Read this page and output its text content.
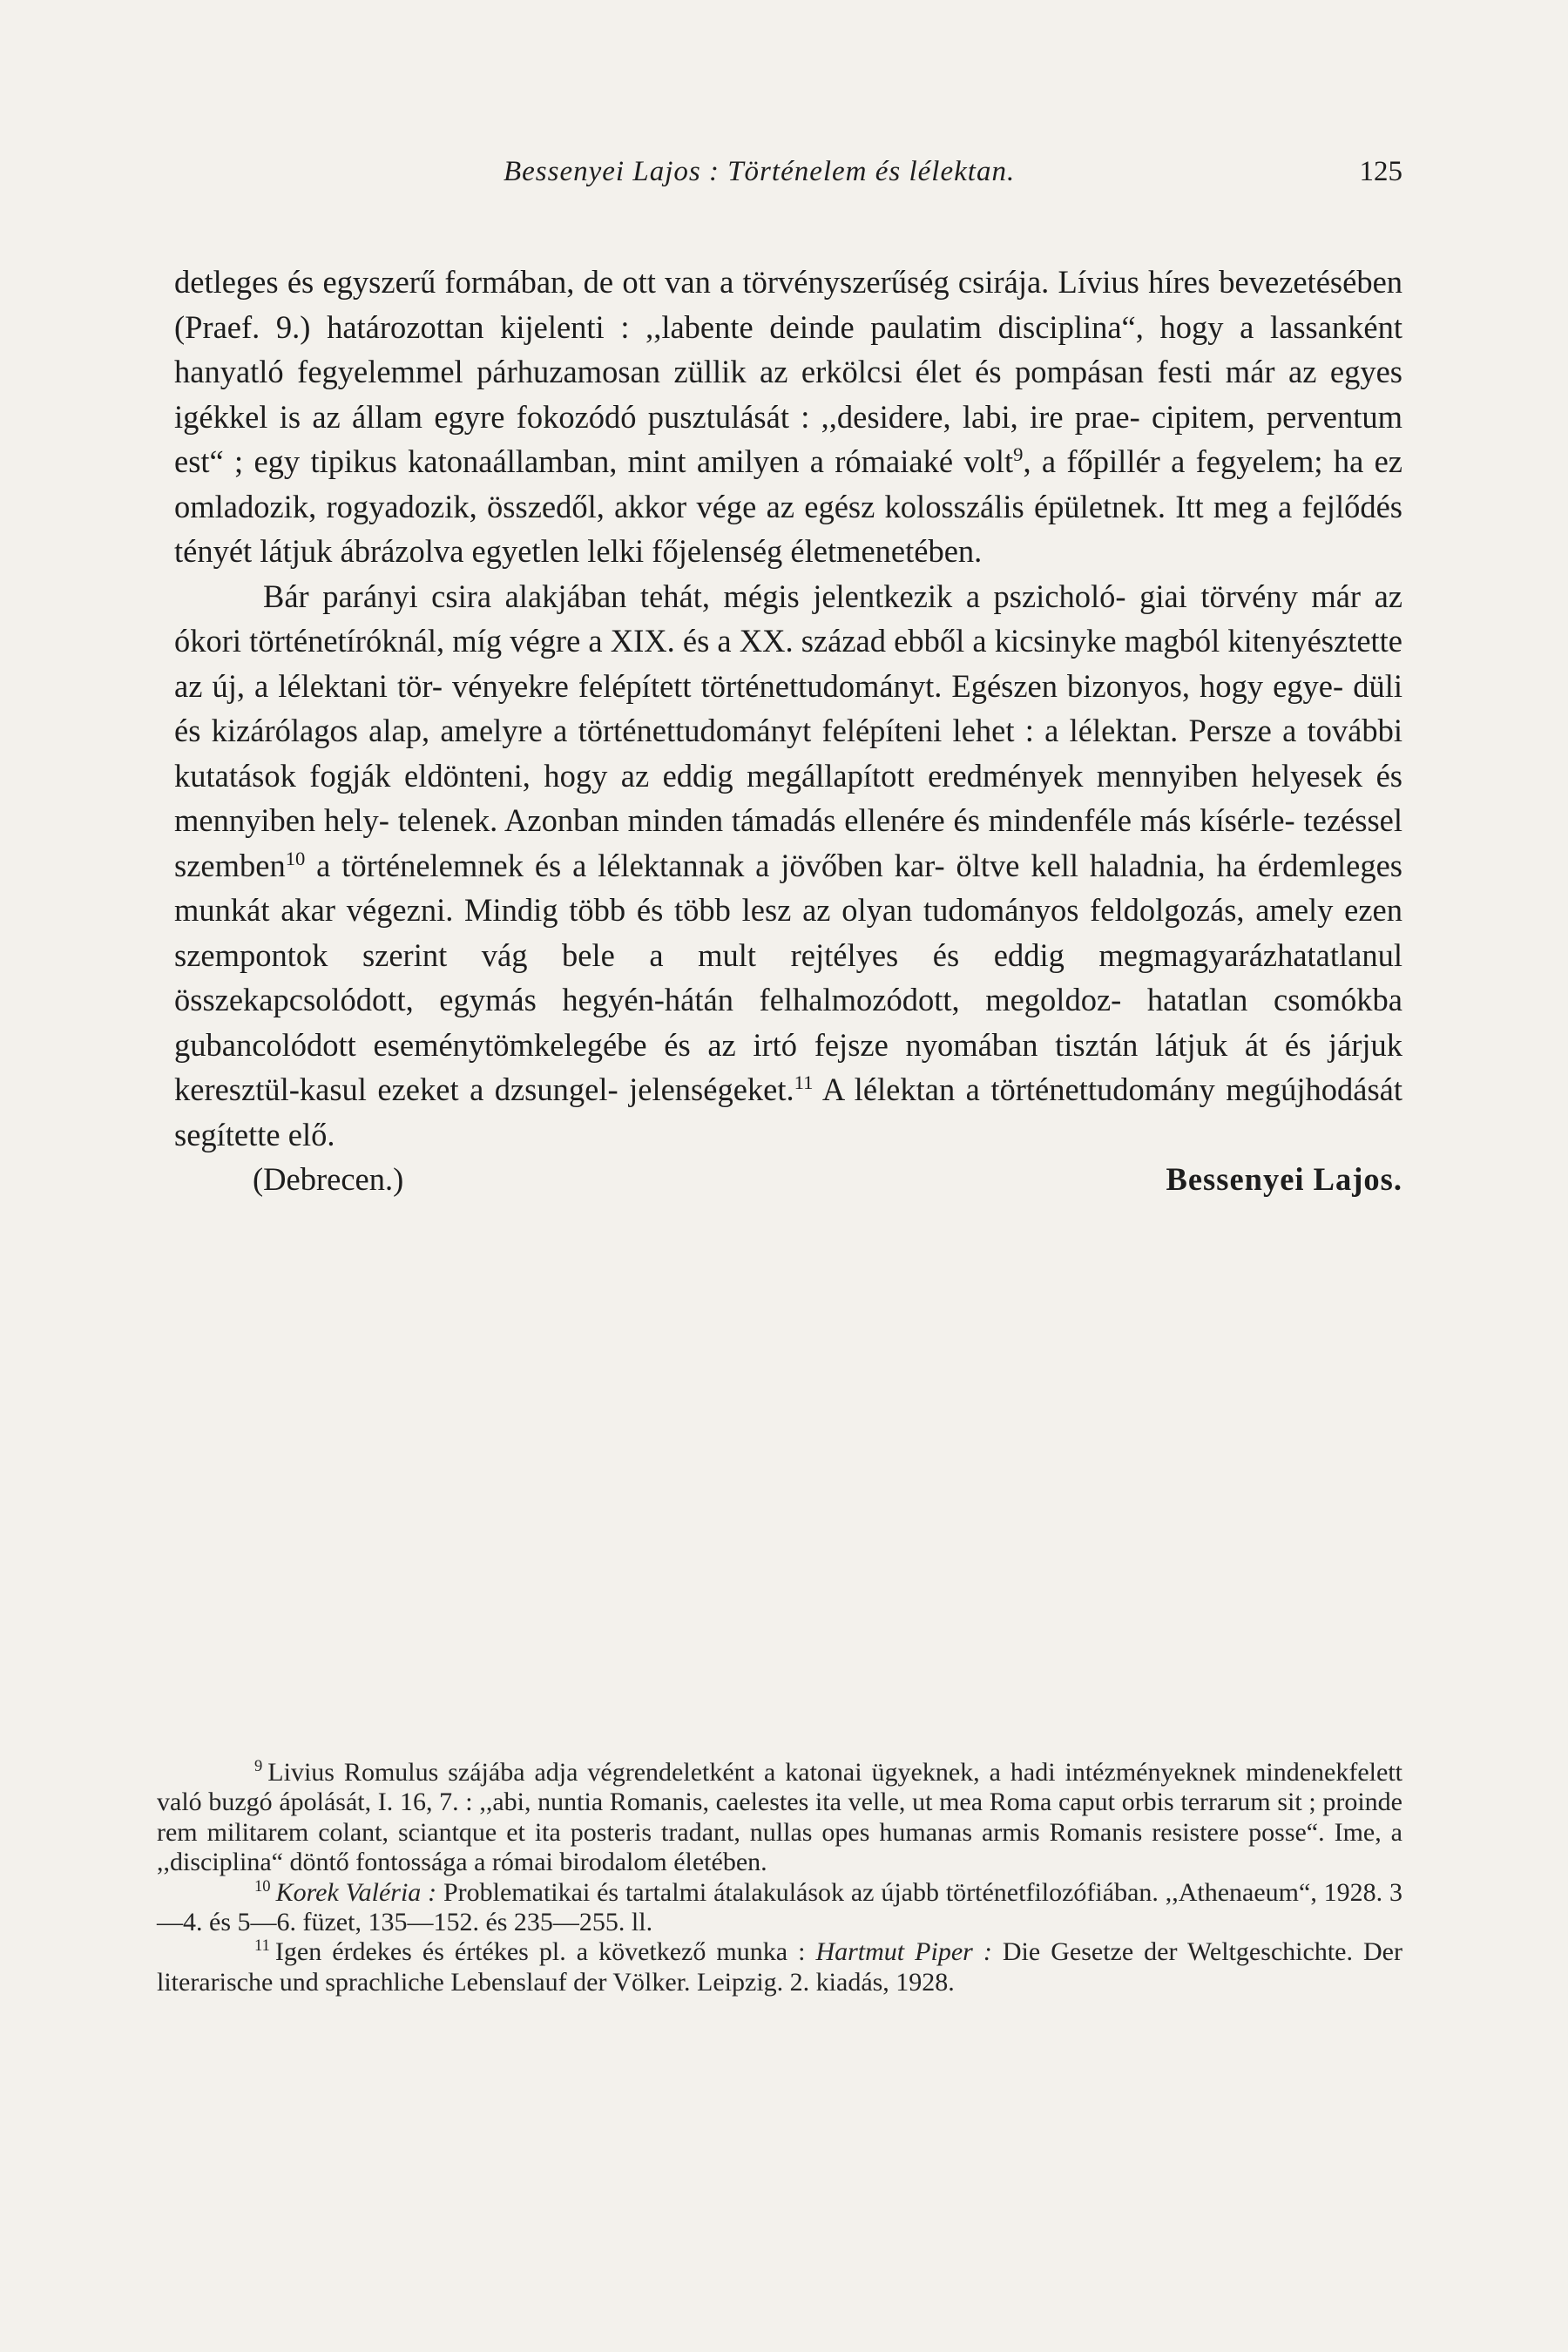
Bessenyei Lajos : Történelem és lélektan.	125

detleges és egyszerű formában, de ott van a törvényszerűség csirája. Lívius híres bevezetésében (Praef. 9.) határozottan kijelenti : ,,labente deinde paulatim disciplina“, hogy a lassanként hanyatló fegyelemmel párhuzamosan züllik az erkölcsi élet és pompásan festi már az egyes igékkel is az állam egyre fokozódó pusztulását : ,,desidere, labi, ire prae- cipitem, perventum est“ ; egy tipikus katonaállamban, mint amilyen a rómaiaké volt$^9$, a főpillér a fegyelem; ha ez omladozik, rogyadozik, összedől, akkor vége az egész kolosszális épületnek. Itt meg a fejlődés tényét látjuk ábrázolva egyetlen lelki főjelenség életmenetében.

Bár parányi csira alakjában tehát, mégis jelentkezik a pszicholó- giai törvény már az ókori történetíróknál, míg végre a XIX. és a XX. század ebből a kicsinyke magból kitenyésztette az új, a lélektani tör- vényekre felépített történettudományt. Egészen bizonyos, hogy egye- düli és kizárólagos alap, amelyre a történettudományt felépíteni lehet : a lélektan. Persze a további kutatások fogják eldönteni, hogy az eddig megállapított eredmények mennyiben helyesek és mennyiben hely- telenek. Azonban minden támadás ellenére és mindenféle más kísérle- tezéssel szemben$^{10}$ a történelemnek és a lélektannak a jövőben kar- öltve kell haladnia, ha érdemleges munkát akar végezni. Mindig több és több lesz az olyan tudományos feldolgozás, amely ezen szempontok szerint vág bele a mult rejtélyes és eddig megmagyarázhatatlanul összekapcsolódott, egymás hegyén-hátán felhalmozódott, megoldoz- hatatlan csomókba gubancolódott eseménytömkelegébe és az irtó fejsze nyomában tisztán látjuk át és járjuk keresztül-kasul ezeket a dzsungel- jelenségeket.$^{11}$ A lélektan a történettudomány megújhodását segítette elő.

(Debrecen.)	Bessenyei Lajos.

$^9$ Livius Romulus szájába adja végrendeletként a katonai ügyeknek, a hadi intézményeknek mindenekfelett való buzgó ápolását, I. 16, 7. : ,,abi, nuntia Romanis, caelestes ita velle, ut mea Roma caput orbis terrarum sit ; proinde rem militarem colant, sciantque et ita posteris tradant, nullas opes humanas armis Romanis resistere posse“. Ime, a ,,disciplina“ döntő fontossága a római birodalom életében.

$^{10}$ Korek Valéria : Problematikai és tartalmi átalakulások az újabb történetfilozófiában. ,,Athenaeum“, 1928. 3—4. és 5—6. füzet, 135—152. és 235—255. ll.

$^{11}$ Igen érdekes és értékes pl. a következő munka : Hartmut Piper : Die Gesetze der Weltgeschichte. Der literarische und sprachliche Lebenslauf der Völker. Leipzig. 2. kiadás, 1928.
